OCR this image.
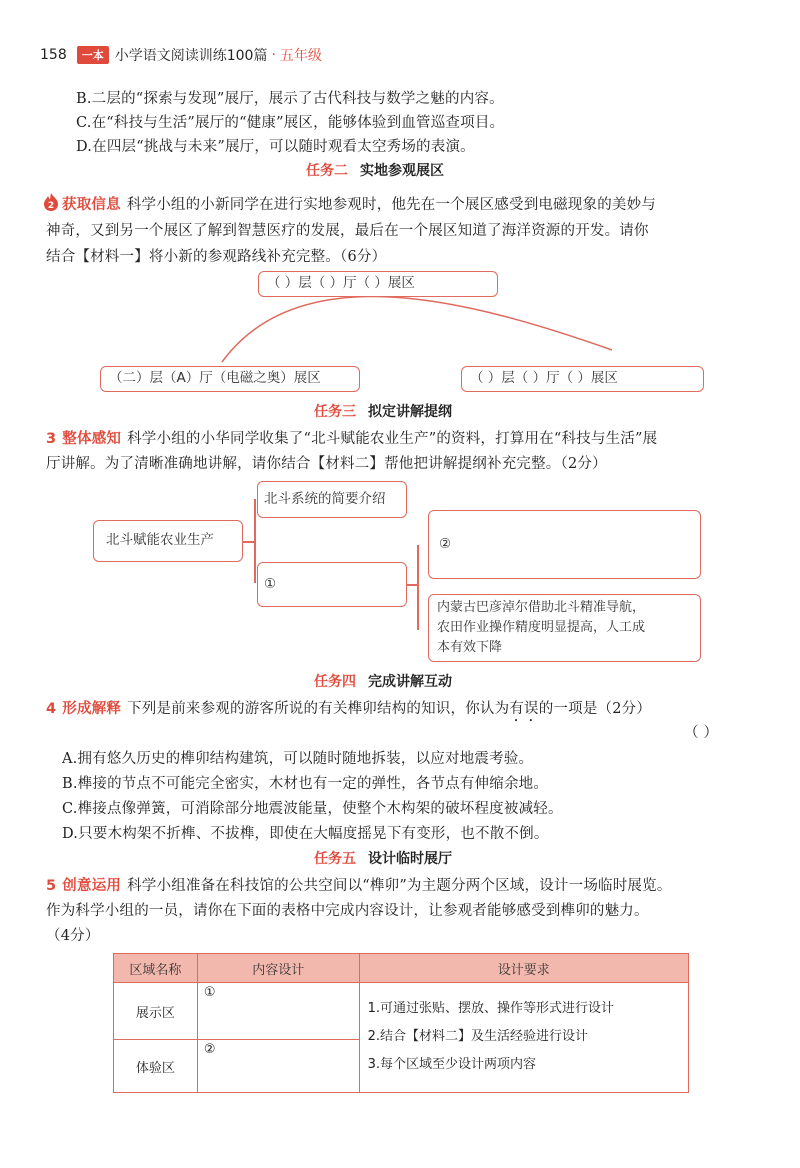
158	一本 小学语文阅读训练100篇 · 五年级
B.二层的“探索与发现”展厅，展示了古代科技与数学之魅的内容。
C.在“科技与生活”展厅的“健康”展区，能够体验到血管巡查项目。
D.在四层“挑战与未来”展厅，可以随时观看太空秀场的表演。
任务二 实地参观展区
2 获取信息 科学小组的小新同学在进行实地参观时，他先在一个展区感受到电磁现象的美妙与
神奇，又到另一个展区了解到智慧医疗的发展，最后在一个展区知道了海洋资源的开发。请你
结合【材料一】将小新的参观路线补充完整。（6分）
（ ）层（ ）厅（ ）展区
（二）层（A）厅（电磁之奥）展区	（ ）层（ ）厅（ ）展区
任务三 拟定讲解提纲
3 整体感知 科学小组的小华同学收集了“北斗赋能农业生产”的资料，打算用在“科技与生活”展
厅讲解。为了清晰准确地讲解，请你结合【材料二】帮他把讲解提纲补充完整。（2分）
北斗赋能农业生产
北斗系统的简要介绍
①
②
内蒙古巴彦淖尔借助北斗精准导航，
农田作业操作精度明显提高，人工成
本有效下降
任务四 完成讲解互动
4 形成解释 下列是前来参观的游客所说的有关榫卯结构的知识，你认为有误的一项是（2分）
（ ）
A.拥有悠久历史的榫卯结构建筑，可以随时随地拆装，以应对地震考验。
B.榫接的节点不可能完全密实，木材也有一定的弹性，各节点有伸缩余地。
C.榫接点像弹簧，可消除部分地震波能量，使整个木构架的破坏程度被减轻。
D.只要木构架不折榫、不拔榫，即使在大幅度摇晃下有变形，也不散不倒。
任务五 设计临时展厅
5 创意运用 科学小组准备在科技馆的公共空间以“榫卯”为主题分两个区域，设计一场临时展览。
作为科学小组的一员，请你在下面的表格中完成内容设计，让参观者能够感受到榫卯的魅力。
（4分）
区域名称	内容设计	设计要求
展示区	①	1.可通过张贴、摆放、操作等形式进行设计
2.结合【材料二】及生活经验进行设计
3.每个区域至少设计两项内容

体验区	②	
